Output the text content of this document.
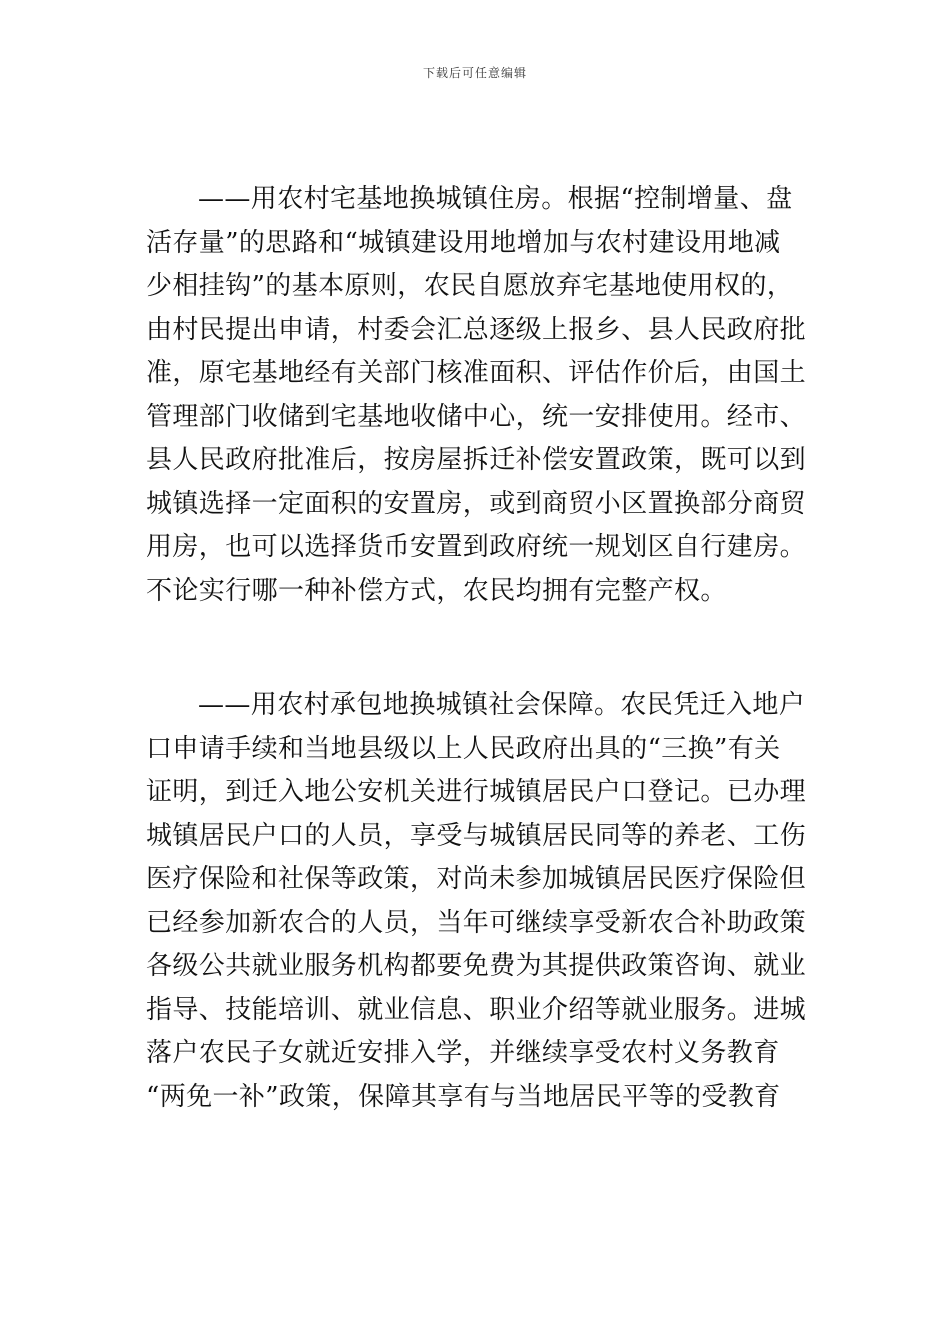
下载后可任意编辑
——用农村宅基地换城镇住房。根据“控制增量、盘
活存量”的思路和“城镇建设用地增加与农村建设用地减
少相挂钩”的基本原则，农民自愿放弃宅基地使用权的，
由村民提出申请，村委会汇总逐级上报乡、县人民政府批
准，原宅基地经有关部门核准面积、评估作价后，由国土
管理部门收储到宅基地收储中心，统一安排使用。经市、
县人民政府批准后，按房屋拆迁补偿安置政策，既可以到
城镇选择一定面积的安置房，或到商贸小区置换部分商贸
用房，也可以选择货币安置到政府统一规划区自行建房。
不论实行哪一种补偿方式，农民均拥有完整产权。
——用农村承包地换城镇社会保障。农民凭迁入地户
口申请手续和当地县级以上人民政府出具的“三换”有关
证明，到迁入地公安机关进行城镇居民户口登记。已办理
城镇居民户口的人员，享受与城镇居民同等的养老、工伤
医疗保险和社保等政策，对尚未参加城镇居民医疗保险但
已经参加新农合的人员，当年可继续享受新农合补助政策
各级公共就业服务机构都要免费为其提供政策咨询、就业
指导、技能培训、就业信息、职业介绍等就业服务。进城
落户农民子女就近安排入学，并继续享受农村义务教育
“两免一补”政策，保障其享有与当地居民平等的受教育
